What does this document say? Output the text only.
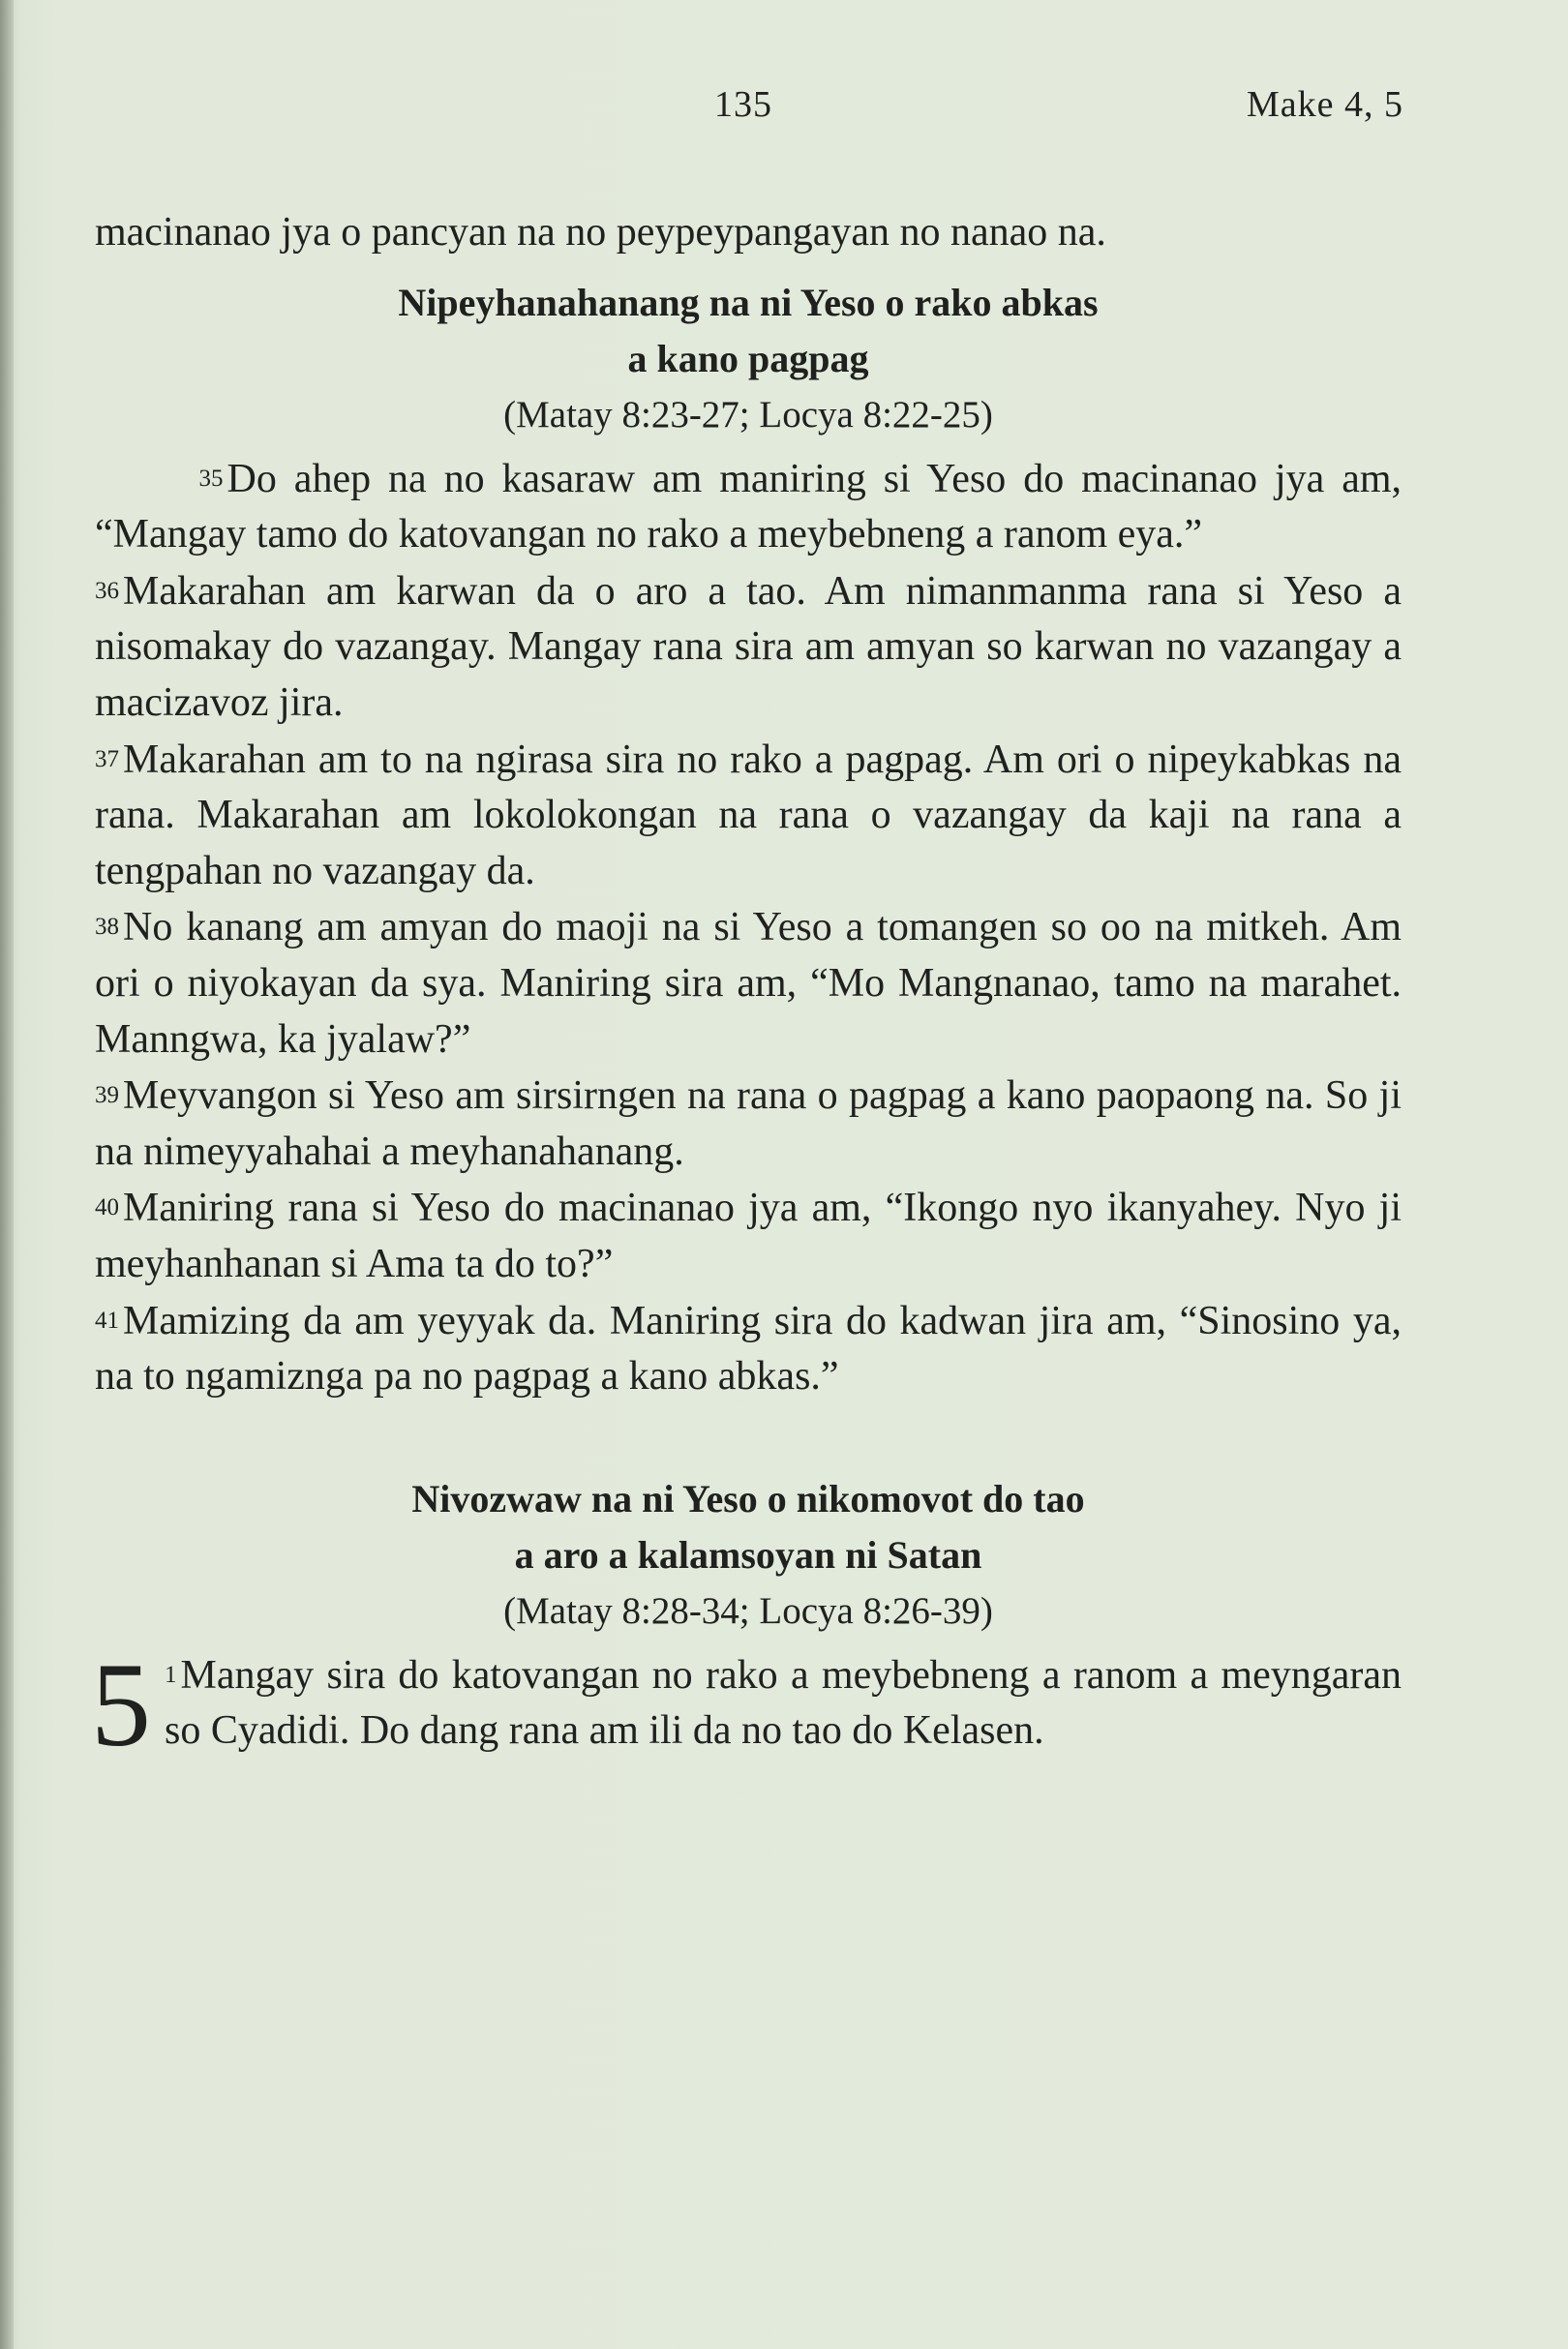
135	Make 4, 5

macinanao jya o pancyan na no peypeypangayan no nanao na.

Nipeyhanahanang na ni Yeso o rako abkas

a kano pagpag

(Matay 8:23-27; Locya 8:22-25)

35Do ahep na no kasaraw am maniring si Yeso do macinanao jya am, “Mangay tamo do katovangan no rako a meybebneng a ranom eya.”

36Makarahan am karwan da o aro a tao. Am nimanmanma rana si Yeso a nisomakay do vazangay. Mangay rana sira am amyan so karwan no vazangay a macizavoz jira.

37Makarahan am to na ngirasa sira no rako a pagpag. Am ori o nipeykabkas na rana. Makarahan am lokolokongan na rana o vazangay da kaji na rana a tengpahan no vazangay da.

38No kanang am amyan do maoji na si Yeso a tomangen so oo na mitkeh. Am ori o niyokayan da sya. Maniring sira am, “Mo Mangnanao, tamo na marahet. Manngwa, ka jyalaw?”

39Meyvangon si Yeso am sirsirngen na rana o pagpag a kano paopaong na. So ji na nimeyyahahai a meyhanahanang.

40Maniring rana si Yeso do macinanao jya am, “Ikongo nyo ikanyahey. Nyo ji meyhanhanan si Ama ta do to?”

41Mamizing da am yeyyak da. Maniring sira do kadwan jira am, “Sinosino ya, na to ngamiznga pa no pagpag a kano abkas.”

Nivozwaw na ni Yeso o nikomovot do tao

a aro a kalamsoyan ni Satan

(Matay 8:28-34; Locya 8:26-39)

5 1Mangay sira do katovangan no rako a meybebneng a ranom a meyngaran so Cyadidi. Do dang rana am ili da no tao do Kelasen.
